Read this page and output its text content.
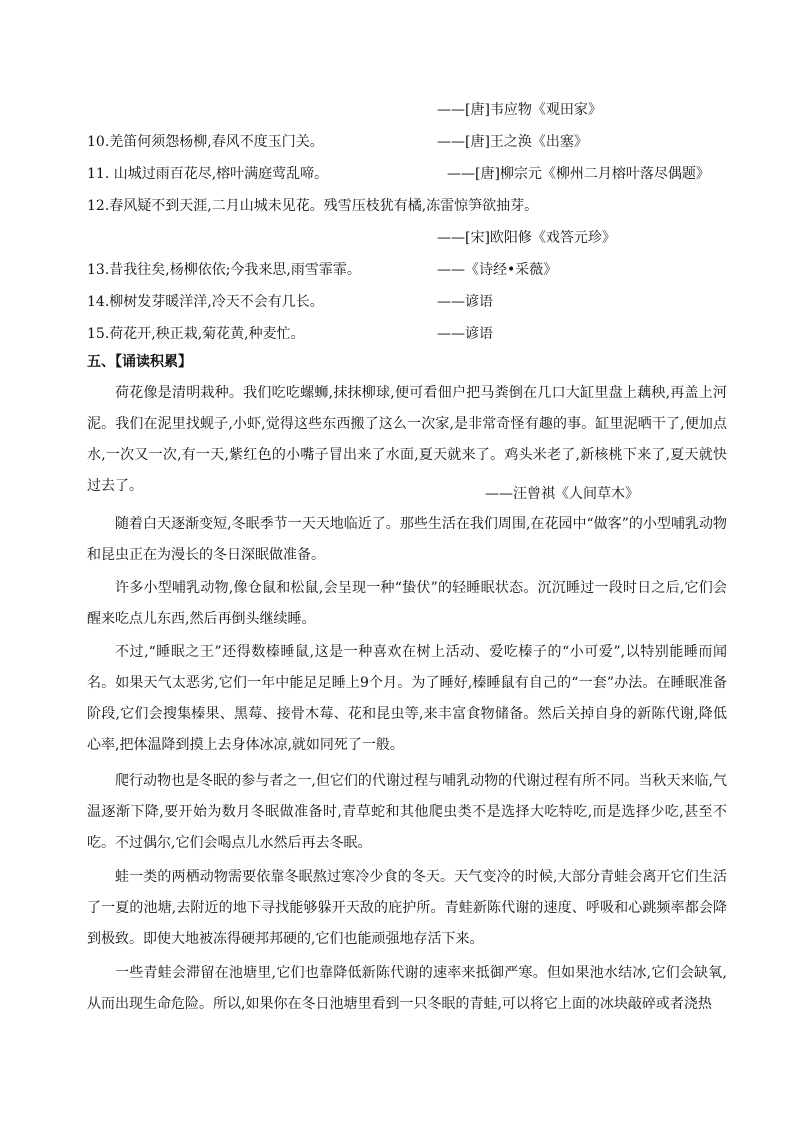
——[唐]韦应物《观田家》
10.羌笛何须怨杨柳,春风不度玉门关。	——[唐]王之涣《出塞》
11. 山城过雨百花尽,榕叶满庭莺乱啼。	——[唐]柳宗元《柳州二月榕叶落尽偶题》
12.春风疑不到天涯,二月山城未见花。残雪压枝犹有橘,冻雷惊笋欲抽芽。
——[宋]欧阳修《戏答元珍》
13.昔我往矣,杨柳依依;今我来思,雨雪霏霏。	——《诗经•采薇》
14.柳树发芽暖洋洋,冷天不会有几长。	——谚语
15.荷花开,秧正栽,菊花黄,种麦忙。	——谚语
五、【诵读积累】

荷花像是清明栽种。我们吃吃螺蛳,抹抹柳球,便可看佃户把马粪倒在几口大缸里盘上藕秧,再盖上河泥。我们在泥里找蚬子,小虾,觉得这些东西搬了这么一次家,是非常奇怪有趣的事。缸里泥晒干了,便加点水,一次又一次,有一天,紫红色的小嘴子冒出来了水面,夏天就来了。鸡头米老了,新核桃下来了,夏天就快过去了。	——汪曾祺《人间草木》

随着白天逐渐变短,冬眠季节一天天地临近了。那些生活在我们周围,在花园中“做客”的小型哺乳动物和昆虫正在为漫长的冬日深眠做准备。

许多小型哺乳动物,像仓鼠和松鼠,会呈现一种“蛰伏”的轻睡眠状态。沉沉睡过一段时日之后,它们会醒来吃点儿东西,然后再倒头继续睡。

不过,“睡眠之王”还得数榛睡鼠,这是一种喜欢在树上活动、爱吃榛子的“小可爱”,以特别能睡而闻名。如果天气太恶劣,它们一年中能足足睡上9个月。为了睡好,榛睡鼠有自己的“一套”办法。在睡眠准备阶段,它们会搜集榛果、黑莓、接骨木莓、花和昆虫等,来丰富食物储备。然后关掉自身的新陈代谢,降低心率,把体温降到摸上去身体冰凉,就如同死了一般。

爬行动物也是冬眠的参与者之一,但它们的代谢过程与哺乳动物的代谢过程有所不同。当秋天来临,气温逐渐下降,要开始为数月冬眠做准备时,青草蛇和其他爬虫类不是选择大吃特吃,而是选择少吃,甚至不吃。不过偶尔,它们会喝点儿水然后再去冬眠。

蛙一类的两栖动物需要依靠冬眠熬过寒冷少食的冬天。天气变冷的时候,大部分青蛙会离开它们生活了一夏的池塘,去附近的地下寻找能够躲开天敌的庇护所。青蛙新陈代谢的速度、呼吸和心跳频率都会降到极致。即使大地被冻得硬邦邦硬的,它们也能顽强地存活下来。

一些青蛙会滞留在池塘里,它们也靠降低新陈代谢的速率来抵御严寒。但如果池水结冰,它们会缺氧,从而出现生命危险。所以,如果你在冬日池塘里看到一只冬眠的青蛙,可以将它上面的冰块敲碎或者浇热
